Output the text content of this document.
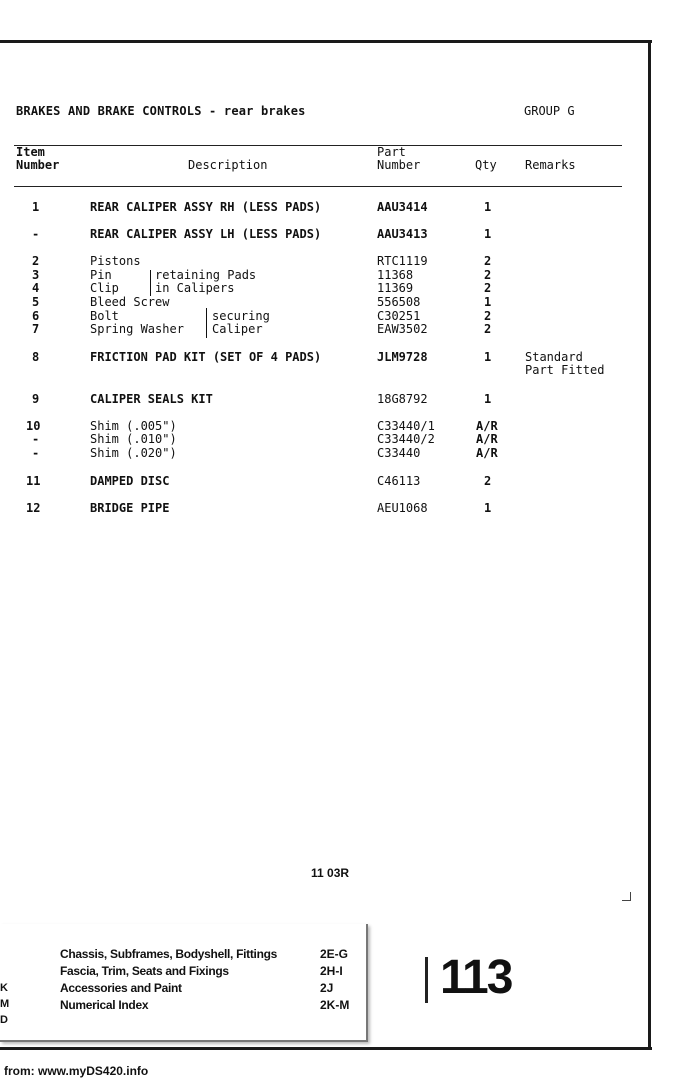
BRAKES AND BRAKE CONTROLS - rear brakes	GROUP G
Item
Number	Description
Part
Number	Qty Remarks
1	REAR CALIPER ASSY RH (LESS PADS)	AAU3414	1
-	REAR CALIPER ASSY LH (LESS PADS)	AAU3413	1
2	Pistons	RTC1119	2
3	Pin	retaining Pads	11368	2
4	Clip	in Calipers	11369	2
5	Bleed Screw	556508	1
6	Bolt	securing	C30251	2
7	Spring Washer Caliper	EAW3502	2
8	FRICTION PAD KIT (SET OF 4 PADS)	JLM9728	1	Standard
Part Fitted
9	CALIPER SEALS KIT	18G8792	1
10	Shim (.005")	C33440/1	A/R
-	Shim (.010")	C33440/2	A/R
-	Shim (.020")	C33440	A/R
11	DAMPED DISC	C46113	2
12	BRIDGE PIPE	AEU1068	1
11 03R
Chassis, Subframes, Bodyshell, Fittings	2E-G
Fascia, Trim, Seats and Fixings	2H-I
Accessories and Paint	2J
Numerical Index	2K-M
K
M
D
113
from: www.myDS420.info
